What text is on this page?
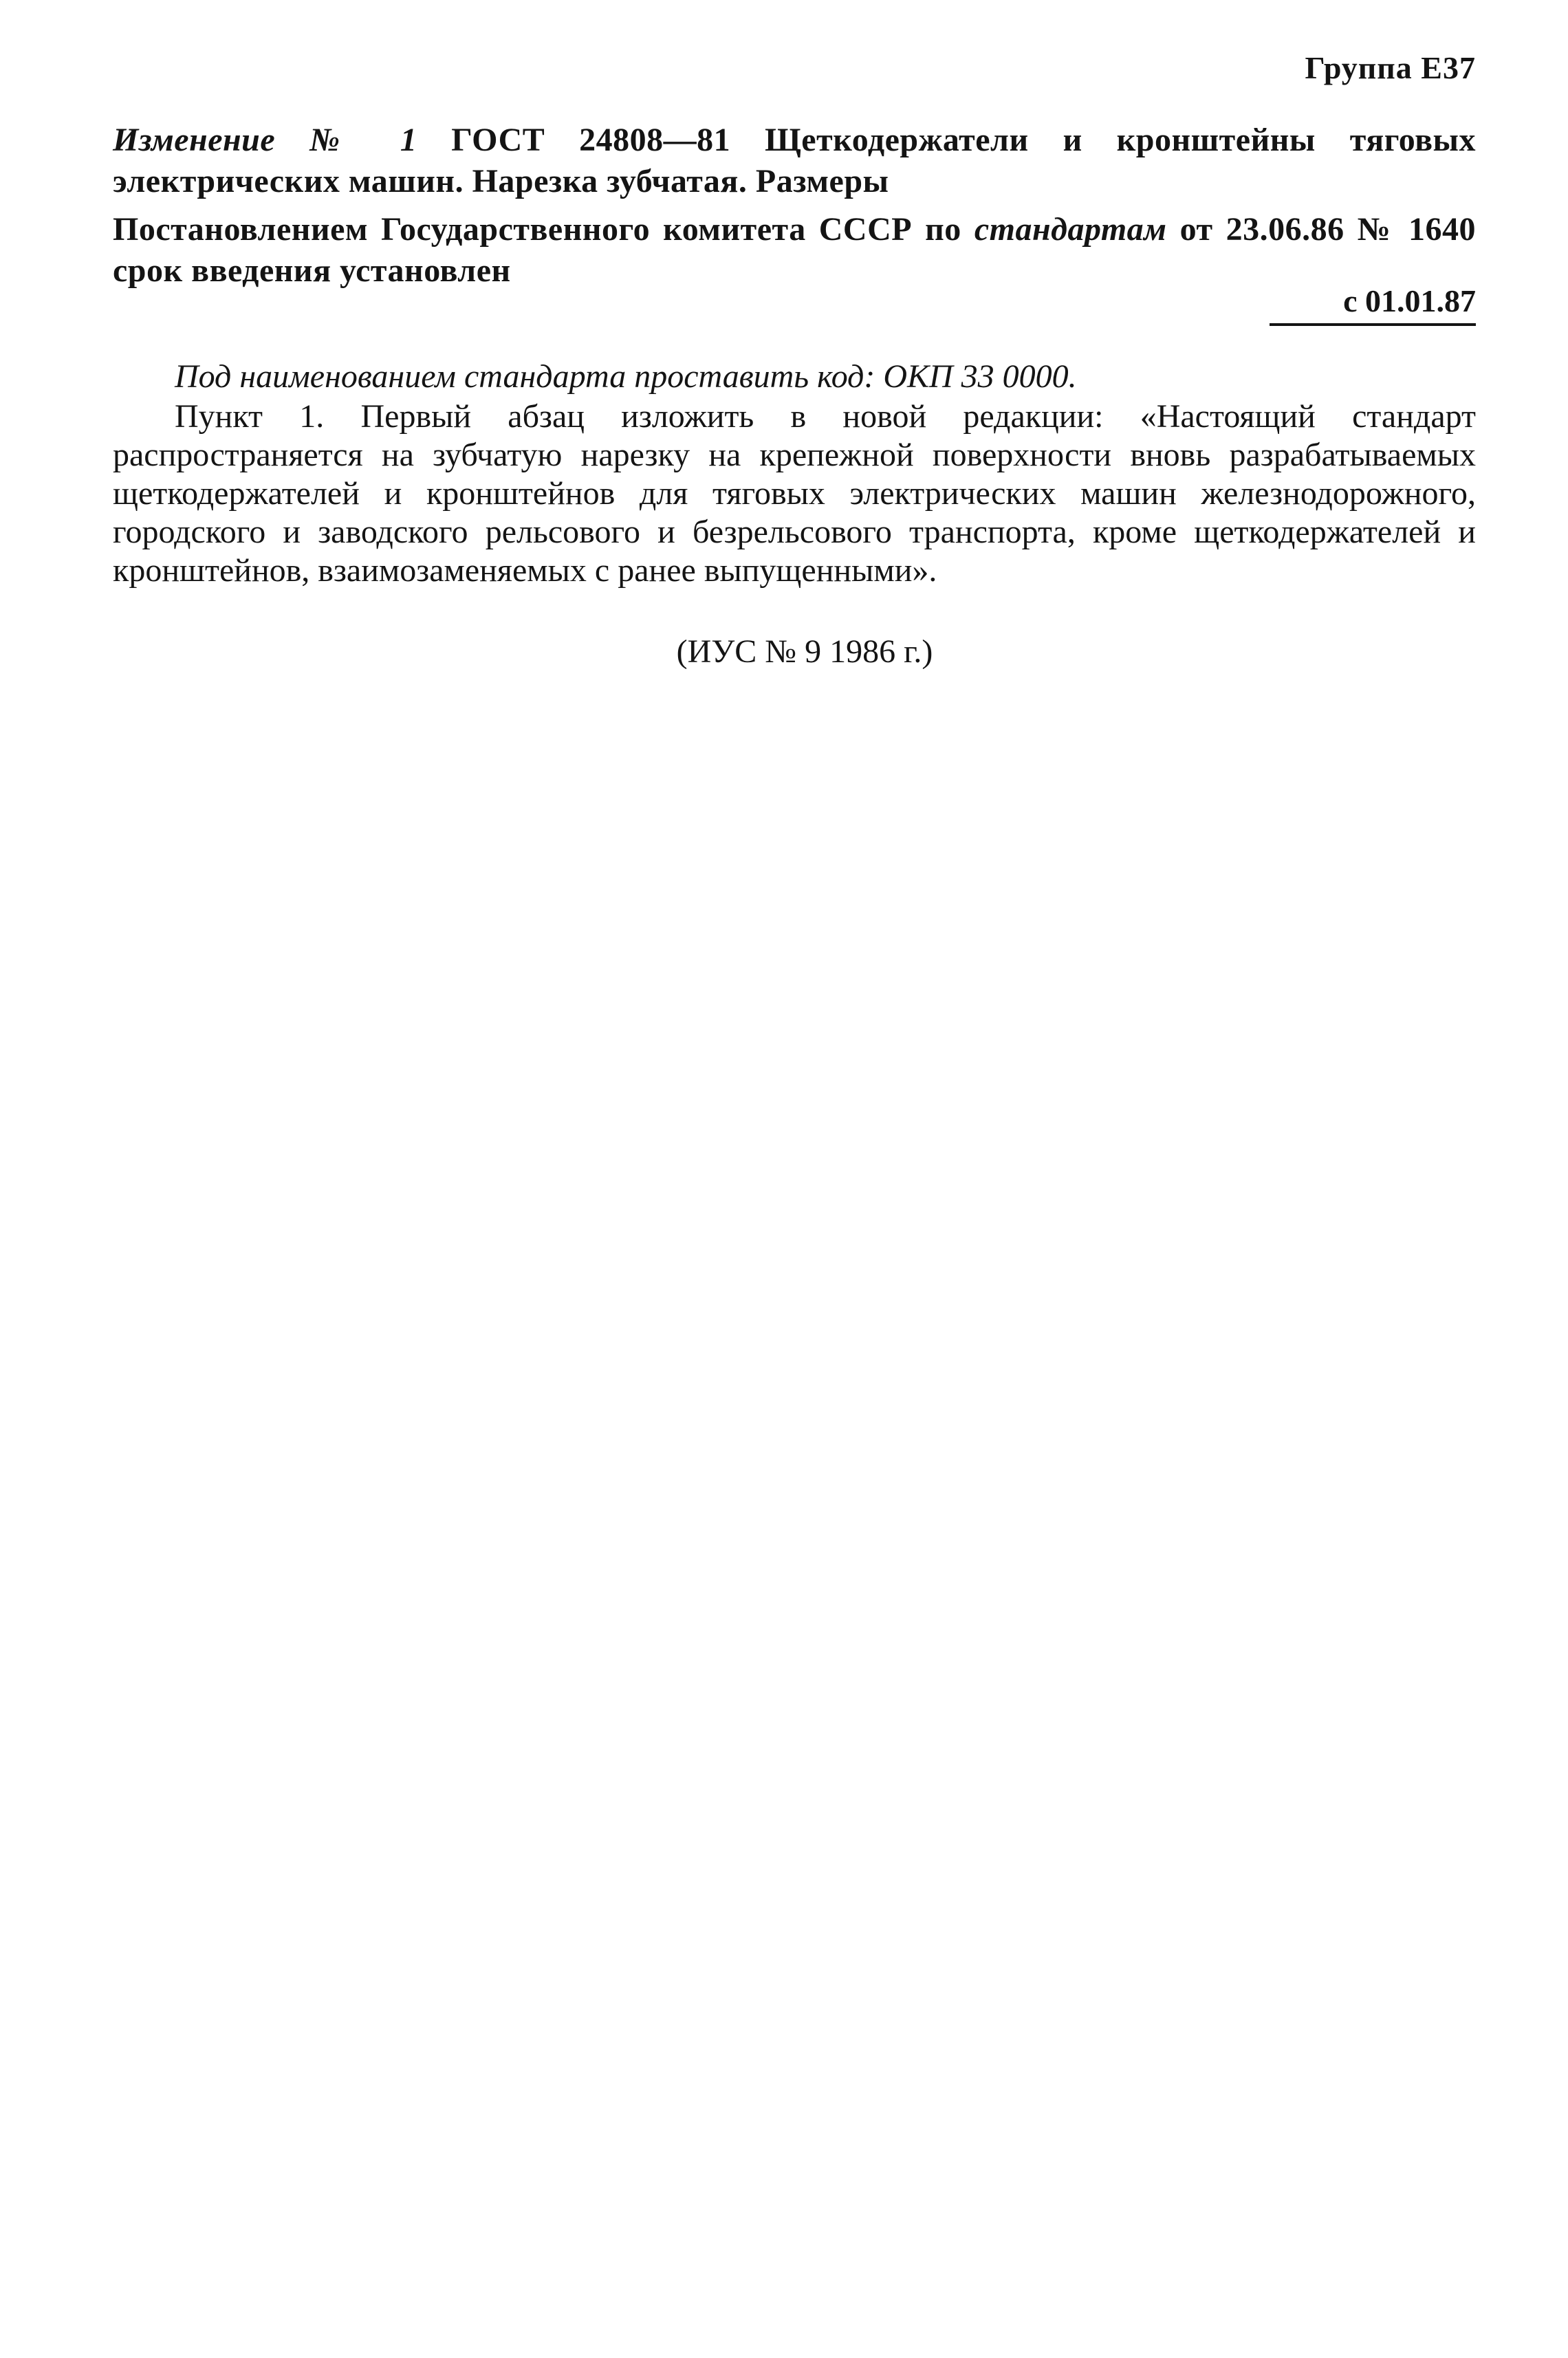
Группа Е37
Изменение № 1 ГОСТ 24808—81 Щеткодержатели и кронштейны тяговых электрических машин. Нарезка зубчатая. Размеры
Постановлением Государственного комитета СССР по стандартам от 23.06.86 № 1640 срок введения установлен
с 01.01.87

Под наименованием стандарта проставить код: ОКП 33 0000.

Пункт 1. Первый абзац изложить в новой редакции: «Настоящий стандарт распространяется на зубчатую нарезку на крепежной поверхности вновь разрабатываемых щеткодержателей и кронштейнов для тяговых электрических машин железнодорожного, городского и заводского рельсового и безрельсового транспорта, кроме щеткодержателей и кронштейнов, взаимозаменяемых с ранее выпущенными».

(ИУС № 9 1986 г.)
